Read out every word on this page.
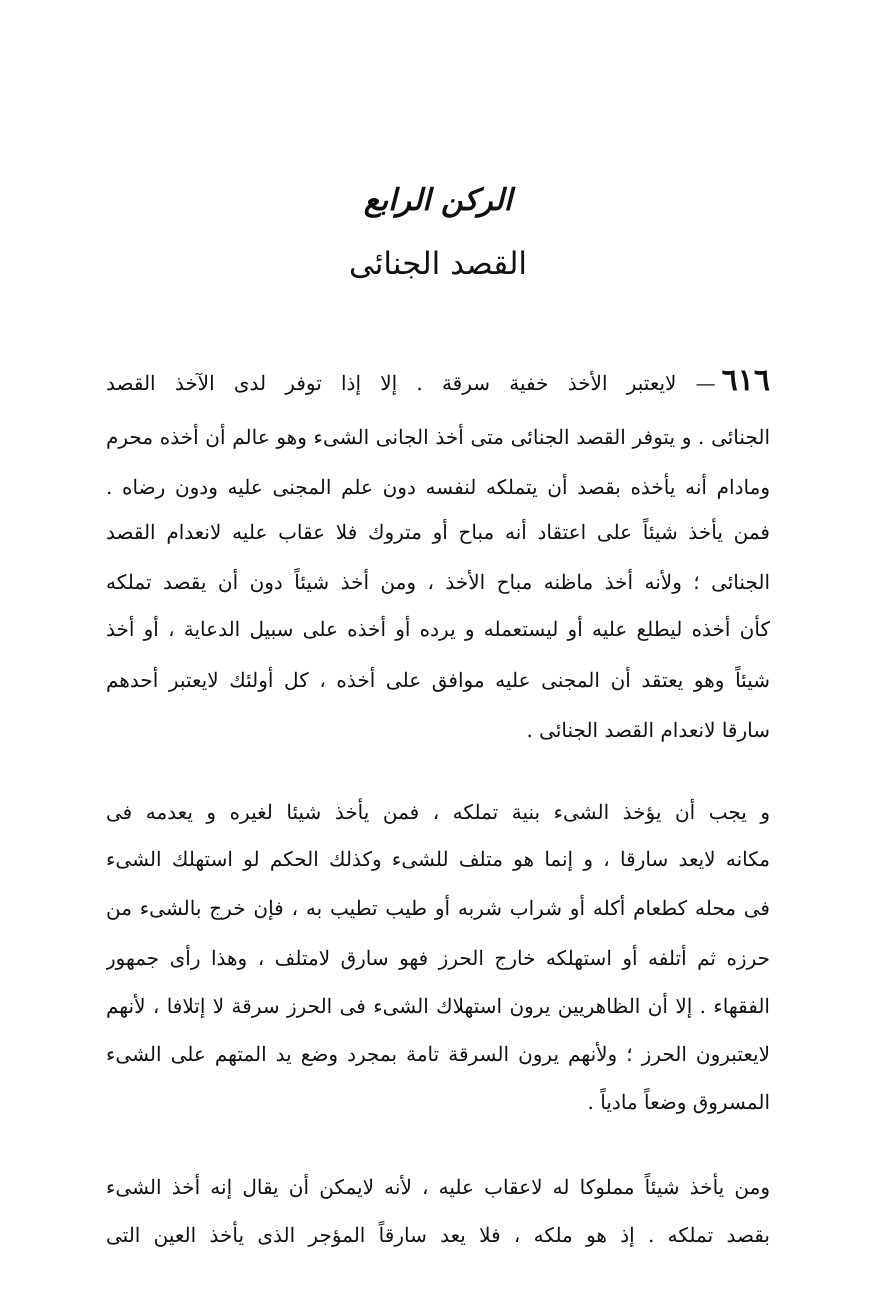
الركن الرابع
القصد الجنائى
٦١٦— لايعتبر الأخذ خفية سرقة . إلا إذا توفر لدى الآخذ القصد
الجنائى . و يتوفر القصد الجنائى متى أخذ الجانى الشىء وهو عالم أن أخذه محرم
ومادام أنه يأخذه بقصد أن يتملكه لنفسه دون علم المجنى عليه ودون رضاه .
فمن يأخذ شيئاً على اعتقاد أنه مباح أو متروك فلا عقاب عليه لانعدام القصد
الجنائى ؛ ولأنه أخذ ماظنه مباح الأخذ ، ومن أخذ شيئاً دون أن يقصد تملكه
كأن أخذه ليطلع عليه أو ليستعمله و يرده أو أخذه على سبيل الدعاية ، أو أخذ
شيئاً وهو يعتقد أن المجنى عليه موافق على أخذه ، كل أولئك لايعتبر أحدهم
سارقا لانعدام القصد الجنائى .
و يجب أن يؤخذ الشىء بنية تملكه ، فمن يأخذ شيئا لغيره و يعدمه فى
مكانه لايعد سارقا ، و إنما هو متلف للشىء وكذلك الحكم لو استهلك الشىء
فى محله كطعام أكله أو شراب شربه أو طيب تطيب به ، فإن خرج بالشىء من
حرزه ثم أتلفه أو استهلكه خارج الحرز فهو سارق لامتلف ، وهذا رأى جمهور
الفقهاء . إلا أن الظاهريين يرون استهلاك الشىء فى الحرز سرقة لا إتلافا ، لأنهم
لايعتبرون الحرز ؛ ولأنهم يرون السرقة تامة بمجرد وضع يد المتهم على الشىء
المسروق وضعاً مادياً .
ومن يأخذ شيئاً مملوكا له لاعقاب عليه ، لأنه لايمكن أن يقال إنه أخذ الشىء
بقصد تملكه . إذ هو ملكه ، فلا يعد سارقاً المؤجر الذى يأخذ العين التى
